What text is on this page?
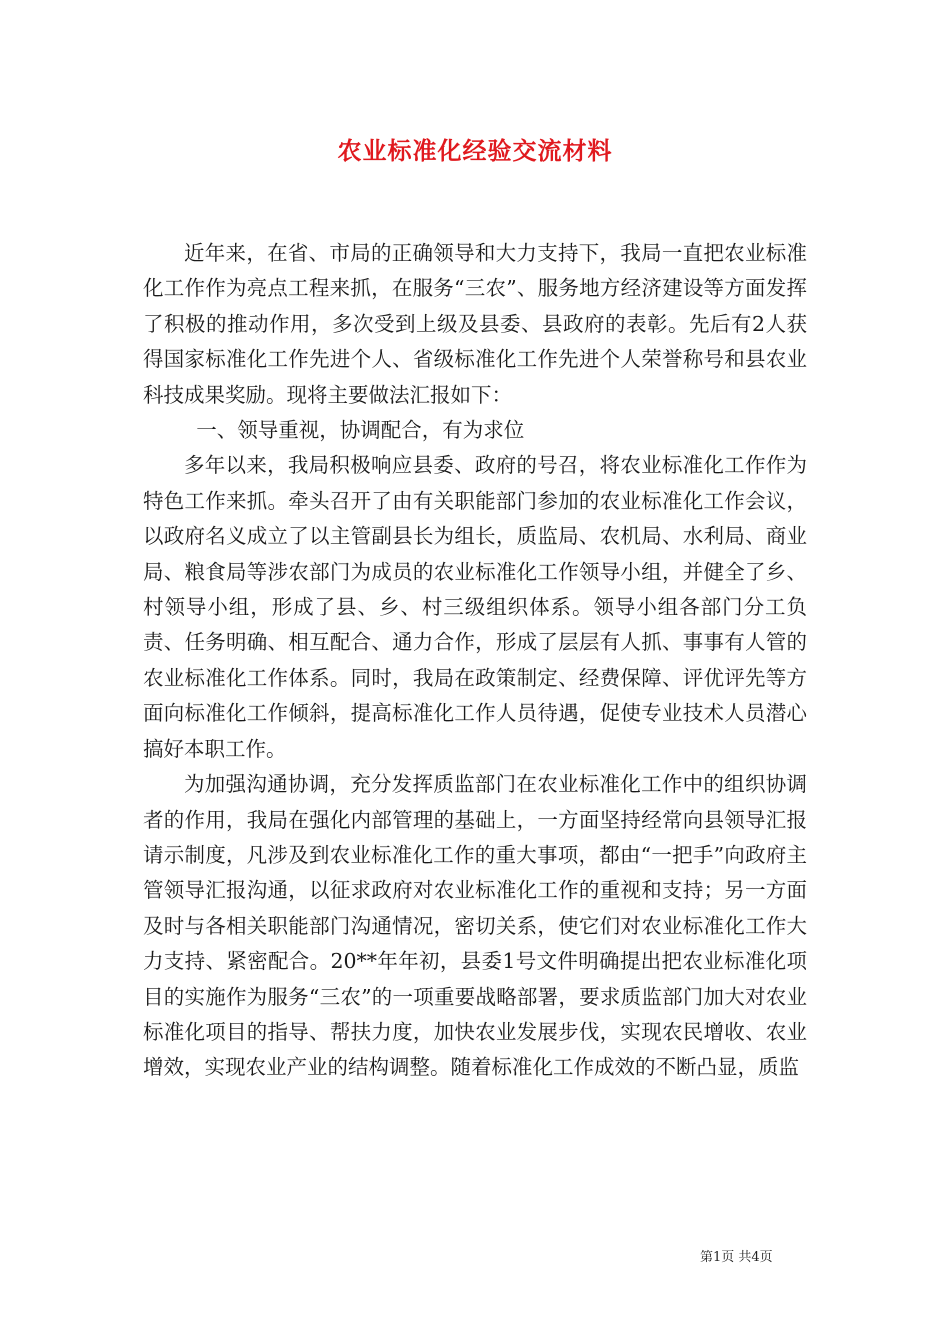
农业标准化经验交流材料

近年来，在省、市局的正确领导和大力支持下，我局一直把农业标准化工作作为亮点工程来抓，在服务“三农”、服务地方经济建设等方面发挥了积极的推动作用，多次受到上级及县委、县政府的表彰。先后有2人获得国家标准化工作先进个人、省级标准化工作先进个人荣誉称号和县农业科技成果奖励。现将主要做法汇报如下：

一、领导重视，协调配合，有为求位

多年以来，我局积极响应县委、政府的号召，将农业标准化工作作为特色工作来抓。牵头召开了由有关职能部门参加的农业标准化工作会议，以政府名义成立了以主管副县长为组长，质监局、农机局、水利局、商业局、粮食局等涉农部门为成员的农业标准化工作领导小组，并健全了乡、村领导小组，形成了县、乡、村三级组织体系。领导小组各部门分工负责、任务明确、相互配合、通力合作，形成了层层有人抓、事事有人管的农业标准化工作体系。同时，我局在政策制定、经费保障、评优评先等方面向标准化工作倾斜，提高标准化工作人员待遇，促使专业技术人员潜心搞好本职工作。

为加强沟通协调，充分发挥质监部门在农业标准化工作中的组织协调者的作用，我局在强化内部管理的基础上，一方面坚持经常向县领导汇报请示制度，凡涉及到农业标准化工作的重大事项，都由“一把手”向政府主管领导汇报沟通，以征求政府对农业标准化工作的重视和支持；另一方面及时与各相关职能部门沟通情况，密切关系，使它们对农业标准化工作大力支持、紧密配合。20**年年初，县委1号文件明确提出把农业标准化项目的实施作为服务“三农”的一项重要战略部署，要求质监部门加大对农业标准化项目的指导、帮扶力度，加快农业发展步伐，实现农民增收、农业增效，实现农业产业的结构调整。随着标准化工作成效的不断凸显，质监

第1页 共4页
